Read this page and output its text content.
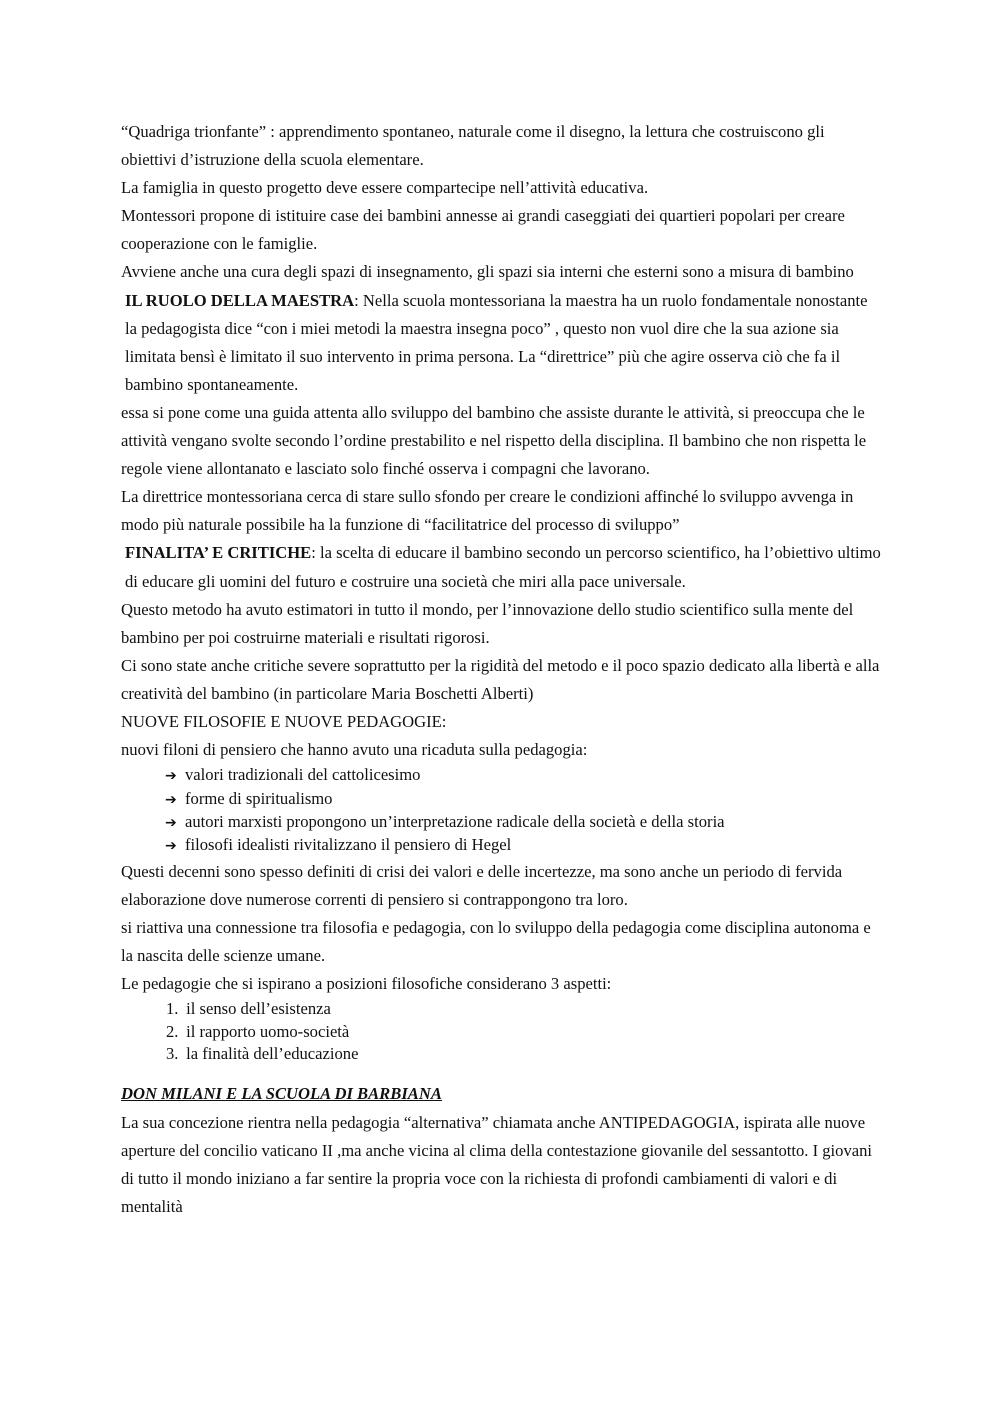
“Quadriga trionfante” : apprendimento spontaneo, naturale come il disegno, la lettura che costruiscono gli obiettivi d’istruzione della scuola elementare.

La famiglia in questo progetto deve essere compartecipe nell’attività educativa.

Montessori propone di istituire case dei bambini annesse ai grandi caseggiati dei quartieri popolari per creare cooperazione con le famiglie.

Avviene anche una cura degli spazi di insegnamento, gli spazi sia interni che esterni sono a misura di bambino

IL RUOLO DELLA MAESTRA: Nella scuola montessoriana la maestra ha un ruolo fondamentale nonostante la pedagogista dice “con i miei metodi la maestra insegna poco” , questo non vuol dire che la sua azione sia limitata bensì è limitato il suo intervento in prima persona. La “direttrice” più che agire osserva ciò che fa il bambino spontaneamente.

essa si pone come una guida attenta allo sviluppo del bambino che assiste durante le attività, si preoccupa che le attività vengano svolte secondo l’ordine prestabilito e nel rispetto della disciplina. Il bambino che non rispetta le regole viene allontanato e lasciato solo finché osserva i compagni che lavorano.

La direttrice montessoriana cerca di stare sullo sfondo per creare le condizioni affinché lo sviluppo avvenga in modo più naturale possibile ha la funzione di “facilitatrice del processo di sviluppo”

FINALITA’ E CRITICHE: la scelta di educare il bambino secondo un percorso scientifico, ha l’obiettivo ultimo di educare gli uomini del futuro e costruire una società che miri alla pace universale.

Questo metodo ha avuto estimatori in tutto il mondo, per l’innovazione dello studio scientifico sulla mente del bambino per poi costruirne materiali e risultati rigorosi.

Ci sono state anche critiche severe soprattutto per la rigidità del metodo e il poco spazio dedicato alla libertà e alla creatività del bambino (in particolare Maria Boschetti Alberti)

NUOVE FILOSOFIE E NUOVE PEDAGOGIE:

nuovi filoni di pensiero che hanno avuto una ricaduta sulla pedagogia:

➔ valori tradizionali del cattolicesimo
➔ forme di spiritualismo
➔ autori marxisti propongono un’interpretazione radicale della società e della storia
➔ filosofi idealisti rivitalizzano il pensiero di Hegel

Questi decenni sono spesso definiti di crisi dei valori e delle incertezze, ma sono anche un periodo di fervida elaborazione dove numerose correnti di pensiero si contrappongono tra loro.

si riattiva una connessione tra filosofia e pedagogia, con lo sviluppo della pedagogia come disciplina autonoma e la nascita delle scienze umane.

Le pedagogie che si ispirano a posizioni filosofiche considerano 3 aspetti:

1. il senso dell’esistenza
2. il rapporto uomo-società
3. la finalità dell’educazione

DON MILANI E LA SCUOLA DI BARBIANA

La sua concezione rientra nella pedagogia “alternativa” chiamata anche ANTIPEDAGOGIA, ispirata alle nuove aperture del concilio vaticano II ,ma anche vicina al clima della contestazione giovanile del sessantotto. I giovani di tutto il mondo iniziano a far sentire la propria voce con la richiesta di profondi cambiamenti di valori e di mentalità
